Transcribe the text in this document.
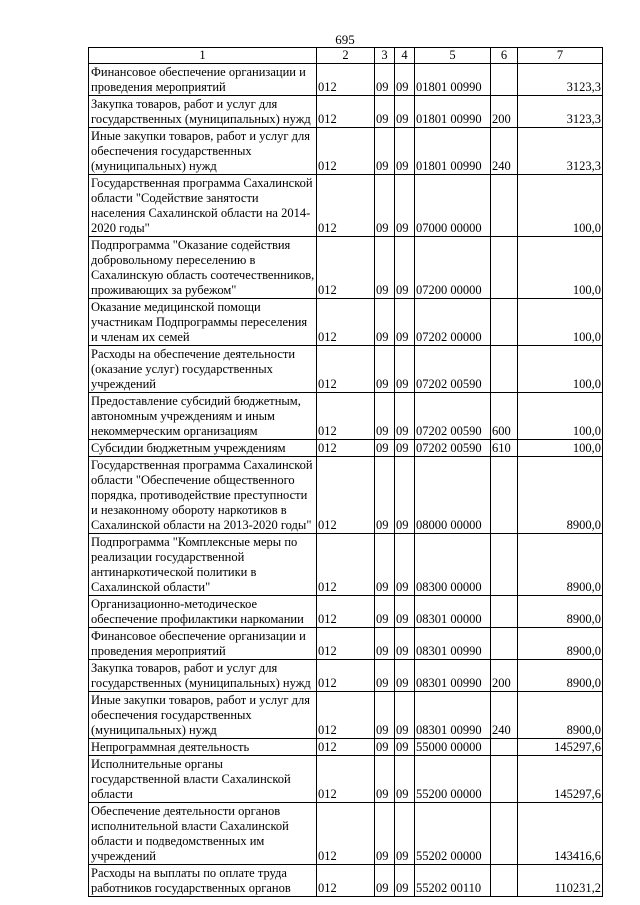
695
1	2	3	4	5	6	7
Финансовое обеспечение организации и проведения мероприятий	012	09	09	01801 00990		3123,3
Закупка товаров, работ и услуг для государственных (муниципальных) нужд	012	09	09	01801 00990	200	3123,3
Иные закупки товаров, работ и услуг для обеспечения государственных (муниципальных) нужд	012	09	09	01801 00990	240	3123,3
Государственная программа Сахалинской области "Содействие занятости населения Сахалинской области на 2014-2020 годы"	012	09	09	07000 00000		100,0
Подпрограмма "Оказание содействия добровольному переселению в Сахалинскую область соотечественников, проживающих за рубежом"	012	09	09	07200 00000		100,0
Оказание медицинской помощи участникам Подпрограммы переселения и членам их семей	012	09	09	07202 00000		100,0
Расходы на обеспечение деятельности (оказание услуг) государственных учреждений	012	09	09	07202 00590		100,0
Предоставление субсидий бюджетным, автономным учреждениям и иным некоммерческим организациям	012	09	09	07202 00590	600	100,0
Субсидии бюджетным учреждениям	012	09	09	07202 00590	610	100,0
Государственная программа Сахалинской области "Обеспечение общественного порядка, противодействие преступности и незаконному обороту наркотиков в Сахалинской области на 2013-2020 годы"	012	09	09	08000 00000		8900,0
Подпрограмма "Комплексные меры по реализации государственной антинаркотической политики в Сахалинской области"	012	09	09	08300 00000		8900,0
Организационно-методическое обеспечение профилактики наркомании	012	09	09	08301 00000		8900,0
Финансовое обеспечение организации и проведения мероприятий	012	09	09	08301 00990		8900,0
Закупка товаров, работ и услуг для государственных (муниципальных) нужд	012	09	09	08301 00990	200	8900,0
Иные закупки товаров, работ и услуг для обеспечения государственных (муниципальных) нужд	012	09	09	08301 00990	240	8900,0
Непрограммная деятельность	012	09	09	55000 00000		145297,6
Исполнительные органы государственной власти Сахалинской области	012	09	09	55200 00000		145297,6
Обеспечение деятельности органов исполнительной власти Сахалинской области и подведомственных им учреждений	012	09	09	55202 00000		143416,6
Расходы на выплаты по оплате труда работников государственных органов	012	09	09	55202 00110		110231,2
